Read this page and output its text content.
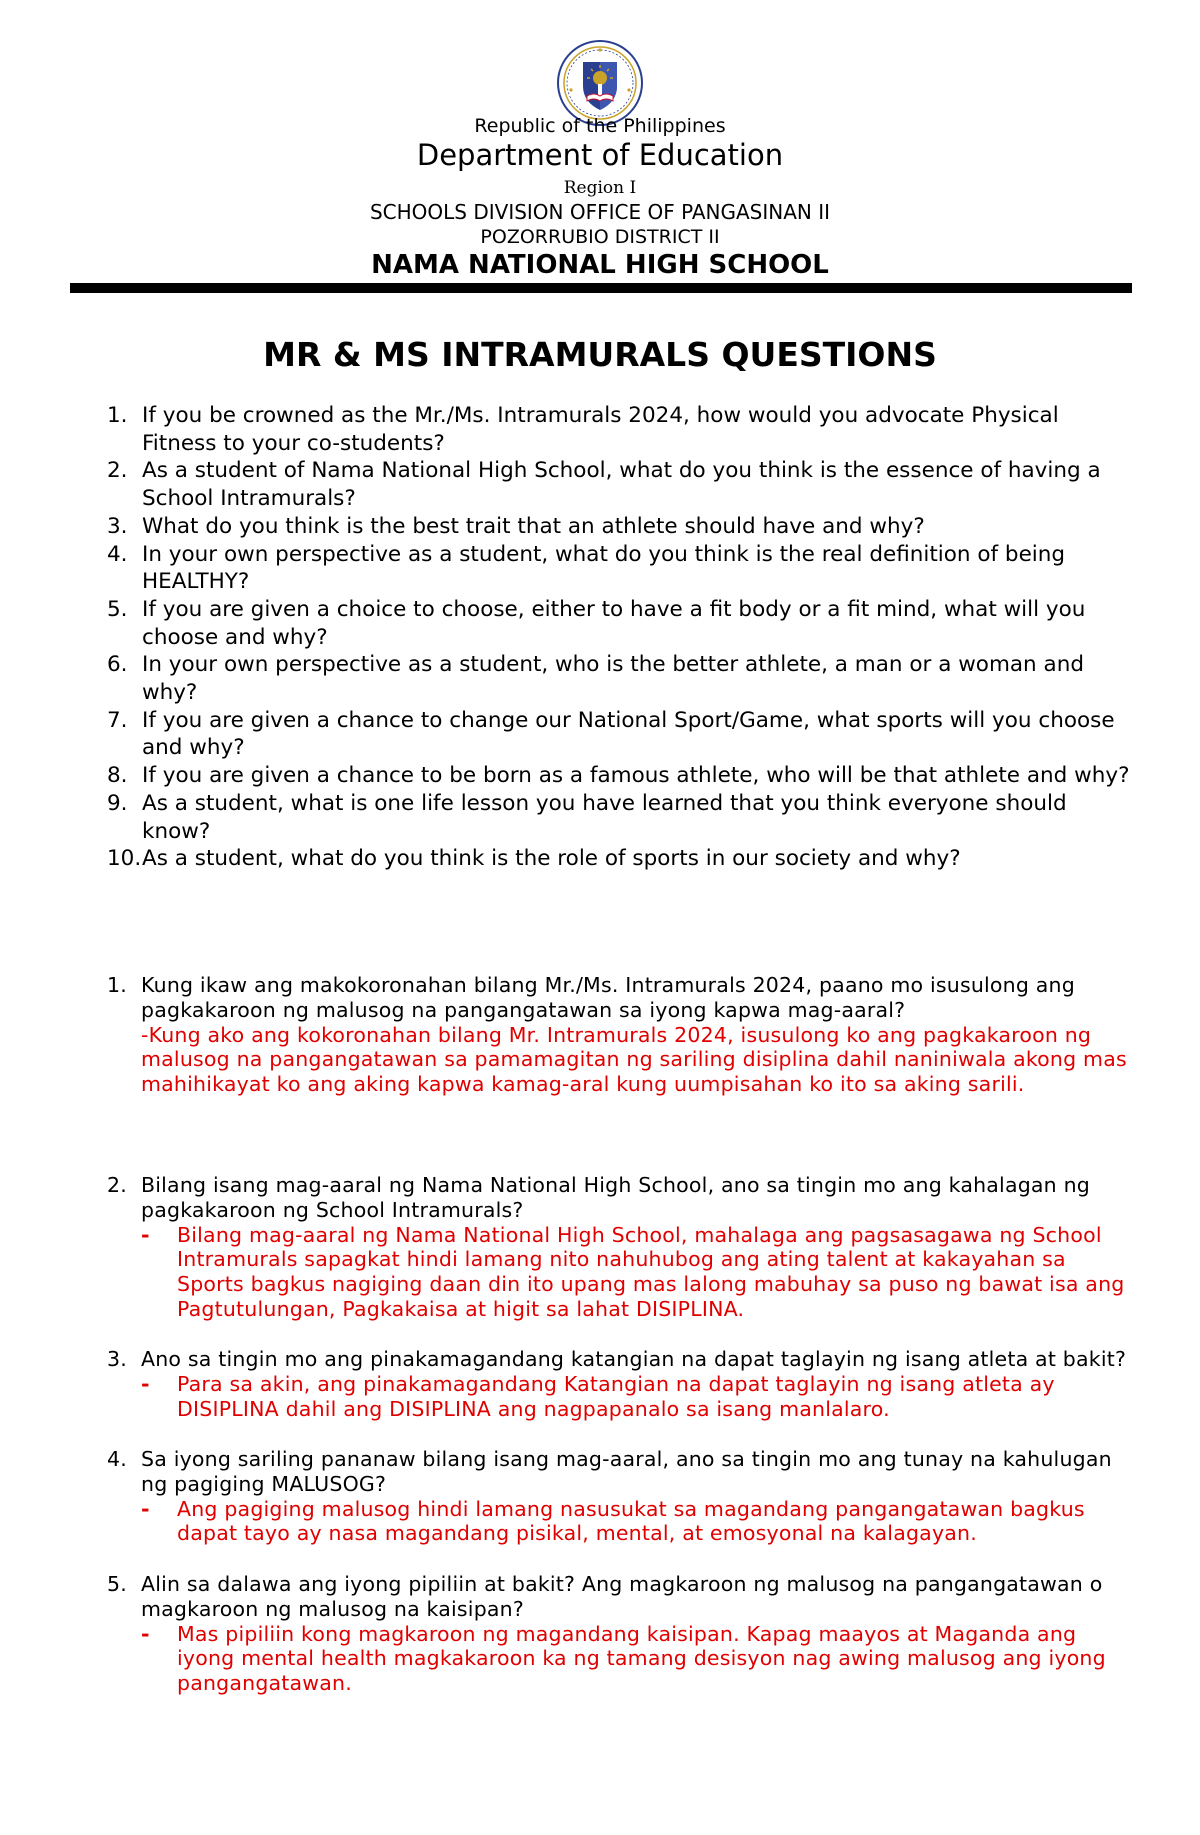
Republic of the Philippines
Department of Education
Region I
SCHOOLS DIVISION OFFICE OF PANGASINAN II
POZORRUBIO DISTRICT II
NAMA NATIONAL HIGH SCHOOL
MR & MS INTRAMURALS QUESTIONS
1. If you be crowned as the Mr./Ms. Intramurals 2024, how would you advocate Physical Fitness to your co-students?
2. As a student of Nama National High School, what do you think is the essence of having a School Intramurals?
3. What do you think is the best trait that an athlete should have and why?
4. In your own perspective as a student, what do you think is the real definition of being HEALTHY?
5. If you are given a choice to choose, either to have a fit body or a fit mind, what will you choose and why?
6. In your own perspective as a student, who is the better athlete, a man or a woman and why?
7. If you are given a chance to change our National Sport/Game, what sports will you choose and why?
8. If you are given a chance to be born as a famous athlete, who will be that athlete and why?
9. As a student, what is one life lesson you have learned that you think everyone should know?
10. As a student, what do you think is the role of sports in our society and why?
1. Kung ikaw ang makokoronahan bilang Mr./Ms. Intramurals 2024, paano mo isusulong ang pagkakaroon ng malusog na pangangatawan sa iyong kapwa mag-aaral?
-Kung ako ang kokoronahan bilang Mr. Intramurals 2024, isusulong ko ang pagkakaroon ng malusog na pangangatawan sa pamamagitan ng sariling disiplina dahil naniniwala akong mas mahihikayat ko ang aking kapwa kamag-aral kung uumpisahan ko ito sa aking sarili.
2. Bilang isang mag-aaral ng Nama National High School, ano sa tingin mo ang kahalagan ng pagkakaroon ng School Intramurals?
- Bilang mag-aaral ng Nama National High School, mahalaga ang pagsasagawa ng School Intramurals sapagkat hindi lamang nito nahuhubog ang ating talent at kakayahan sa Sports bagkus nagiging daan din ito upang mas lalong mabuhay sa puso ng bawat isa ang Pagtutulungan, Pagkakaisa at higit sa lahat DISIPLINA.
3. Ano sa tingin mo ang pinakamagandang katangian na dapat taglayin ng isang atleta at bakit?
- Para sa akin, ang pinakamagandang Katangian na dapat taglayin ng isang atleta ay DISIPLINA dahil ang DISIPLINA ang nagpapanalo sa isang manlalaro.
4. Sa iyong sariling pananaw bilang isang mag-aaral, ano sa tingin mo ang tunay na kahulugan ng pagiging MALUSOG?
- Ang pagiging malusog hindi lamang nasusukat sa magandang pangangatawan bagkus dapat tayo ay nasa magandang pisikal, mental, at emosyonal na kalagayan.
5. Alin sa dalawa ang iyong pipiliin at bakit? Ang magkaroon ng malusog na pangangatawan o magkaroon ng malusog na kaisipan?
- Mas pipiliin kong magkaroon ng magandang kaisipan. Kapag maayos at Maganda ang iyong mental health magkakaroon ka ng tamang desisyon nag awing malusog ang iyong pangangatawan.
